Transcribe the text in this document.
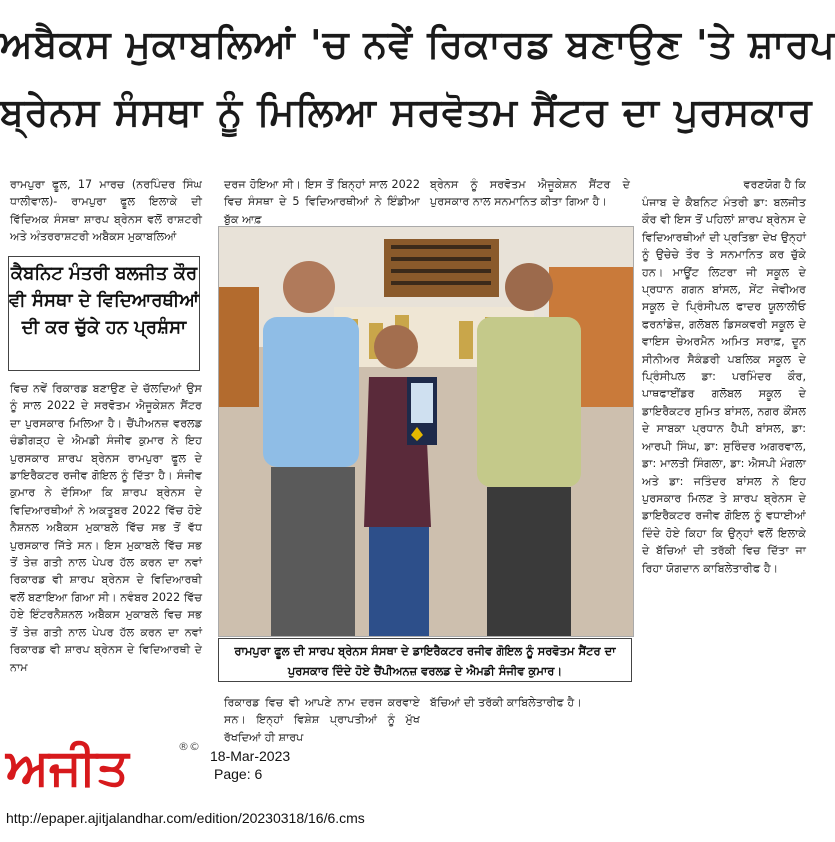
ਅਬੈਕਸ ਮੁਕਾਬਲਿਆਂ 'ਚ ਨਵੇਂ ਰਿਕਾਰਡ ਬਣਾਉਣ 'ਤੇ ਸ਼ਾਰਪ
ਬ੍ਰੇਨਸ ਸੰਸਥਾ ਨੂੰ ਮਿਲਿਆ ਸਰਵੋਤਮ ਸੈਂਟਰ ਦਾ ਪੁਰਸਕਾਰ
ਰਾਮਪੁਰਾ ਫੂਲ, 17 ਮਾਰਚ (ਨਰਪਿੰਦਰ ਸਿੰਘ ਧਾਲੀਵਾਲ)- ਰਾਮਪੁਰਾ ਫੂਲ ਇਲਾਕੇ ਦੀ ਵਿੱਦਿਅਕ ਸੰਸਥਾ ਸ਼ਾਰਪ ਬ੍ਰੇਨਸ ਵਲੋਂ ਰਾਸ਼ਟਰੀ ਅਤੇ ਅੰਤਰਰਾਸ਼ਟਰੀ ਅਬੈਕਸ ਮੁਕਾਬਲਿਆਂ
ਕੈਬਨਿਟ ਮੰਤਰੀ ਬਲਜੀਤ ਕੌਰ ਵੀ ਸੰਸਥਾ ਦੇ ਵਿਦਿਆਰਥੀਆਂ ਦੀ ਕਰ ਚੁੱਕੇ ਹਨ ਪ੍ਰਸ਼ੰਸਾ
ਵਿਚ ਨਵੇਂ ਰਿਕਾਰਡ ਬਣਾਉਣ ਦੇ ਚੱਲਦਿਆਂ ਉਸ ਨੂੰ ਸਾਲ 2022 ਦੇ ਸਰਵੋਤਮ ਐਜੂਕੇਸ਼ਨ ਸੈਂਟਰ ਦਾ ਪੁਰਸਕਾਰ ਮਿਲਿਆ ਹੈ। ਚੈਂਪੀਅਨਜ਼ ਵਰਲਡ ਚੰਡੀਗੜ੍ਹ ਦੇ ਐਮਡੀ ਸੰਜੀਵ ਕੁਮਾਰ ਨੇ ਇਹ ਪੁਰਸਕਾਰ ਸ਼ਾਰਪ ਬ੍ਰੇਨਸ ਰਾਮਪੁਰਾ ਫੂਲ ਦੇ ਡਾਇਰੈਕਟਰ ਰਜੀਵ ਗੋਇਲ ਨੂੰ ਦਿੱਤਾ ਹੈ। ਸੰਜੀਵ ਕੁਮਾਰ ਨੇ ਦੱਸਿਆ ਕਿ ਸ਼ਾਰਪ ਬ੍ਰੇਨਸ ਦੇ ਵਿਦਿਆਰਥੀਆਂ ਨੇ ਅਕਤੂਬਰ 2022 ਵਿੱਚ ਹੋਏ ਨੈਸ਼ਨਲ ਅਬੈਕਸ ਮੁਕਾਬਲੇ ਵਿੱਚ ਸਭ ਤੋਂ ਵੱਧ ਪੁਰਸਕਾਰ ਜਿੱਤੇ ਸਨ। ਇਸ ਮੁਕਾਬਲੇ ਵਿੱਚ ਸਭ ਤੋਂ ਤੇਜ਼ ਗਤੀ ਨਾਲ ਪੇਪਰ ਹੱਲ ਕਰਨ ਦਾ ਨਵਾਂ ਰਿਕਾਰਡ ਵੀ ਸ਼ਾਰਪ ਬ੍ਰੇਨਸ ਦੇ ਵਿਦਿਆਰਥੀ ਵਲੋਂ ਬਣਾਇਆ ਗਿਆ ਸੀ। ਨਵੰਬਰ 2022 ਵਿੱਚ ਹੋਏ ਇੰਟਰਨੈਸ਼ਨਲ ਅਬੈਕਸ ਮੁਕਾਬਲੇ ਵਿਚ ਸਭ ਤੋਂ ਤੇਜ਼ ਗਤੀ ਨਾਲ ਪੇਪਰ ਹੱਲ ਕਰਨ ਦਾ ਨਵਾਂ ਰਿਕਾਰਡ ਵੀ ਸ਼ਾਰਪ ਬ੍ਰੇਨਸ ਦੇ ਵਿਦਿਆਰਥੀ ਦੇ ਨਾਮ
ਦਰਜ ਹੋਇਆ ਸੀ। ਇਸ ਤੋਂ ਬਿਨ੍ਹਾਂ ਸਾਲ 2022 ਵਿਚ ਸੰਸਥਾ ਦੇ 5 ਵਿਦਿਆਰਥੀਆਂ ਨੇ ਇੰਡੀਆ ਬੁੱਕ ਆਫ਼
ਬ੍ਰੇਨਸ ਨੂੰ ਸਰਵੋਤਮ ਐਜੂਕੇਸ਼ਨ ਸੈਂਟਰ ਦੇ ਪੁਰਸਕਾਰ ਨਾਲ ਸਨਮਾਨਿਤ ਕੀਤਾ ਗਿਆ ਹੈ।	ਪੰਜਾਬ ਦੇ ਕੈਬਨਿਟ ਮੰਤਰੀ ਡਾ: ਬਲਜੀਤ ਕੌਰ ਵੀ ਇਸ ਤੋਂ ਪਹਿਲਾਂ ਸ਼ਾਰਪ ਬ੍ਰੇਨਸ ਦੇ ਵਿਦਿਆਰਥੀਆਂ ਦੀ ਪ੍ਰਤਿਭਾ ਦੇਖ ਉਨ੍ਹਾਂ ਨੂੰ ਉਚੇਚੇ ਤੌਰ ਤੇ ਸਨਮਾਨਿਤ ਕਰ ਚੁੱਕੇ ਹਨ। ਮਾਊਂਟ ਲਿਟਰਾ ਜੀ ਸਕੂਲ ਦੇ ਪ੍ਰਧਾਨ ਗਗਨ ਬਾਂਸਲ, ਸੇਂਟ ਜੇਵੀਅਰ ਸਕੂਲ ਦੇ ਪ੍ਰਿੰਸੀਪਲ ਫਾਦਰ ਯੂਲਾਲੀਓ ਫਰਨਾਂਡੇਜ਼, ਗਲੋਬਲ ਡਿਸਕਵਰੀ ਸਕੂਲ ਦੇ ਵਾਇਸ ਚੇਅਰਮੈਨ ਅਮਿਤ ਸਰਾਫ਼, ਦੂਨ ਸੀਨੀਅਰ ਸੈਕੰਡਰੀ ਪਬਲਿਕ ਸਕੂਲ ਦੇ ਪ੍ਰਿੰਸੀਪਲ ਡਾ: ਪਰਮਿੰਦਰ ਕੌਰ, ਪਾਥਫਾਈਂਡਰ ਗਲੋਬਲ ਸਕੂਲ ਦੇ ਡਾਇਰੈਕਟਰ ਸੁਮਿਤ ਬਾਂਸਲ, ਨਗਰ ਕੌਂਸਲ ਦੇ ਸਾਬਕਾ ਪ੍ਰਧਾਨ ਹੈਪੀ ਬਾਂਸਲ, ਡਾ: ਆਰਪੀ ਸਿੰਘ, ਡਾ: ਸੁਰਿੰਦਰ ਅਗਰਵਾਲ, ਡਾ: ਮਾਲਤੀ ਸਿੰਗਲਾ, ਡਾ: ਐਸਪੀ ਮੰਗਲਾ ਅਤੇ ਡਾ: ਜਤਿੰਦਰ ਬਾਂਸਲ ਨੇ ਇਹ ਪੁਰਸਕਾਰ ਮਿਲਣ ਤੇ ਸ਼ਾਰਪ ਬ੍ਰੇਨਸ ਦੇ ਡਾਇਰੈਕਟਰ ਰਜੀਵ ਗੋਇਲ ਨੂੰ ਵਧਾਈਆਂ ਦਿੰਦੇ ਹੋਏ ਕਿਹਾ ਕਿ ਉਨ੍ਹਾਂ ਵਲੋਂ ਇਲਾਕੇ ਦੇ ਬੱਚਿਆਂ ਦੀ ਤਰੱਕੀ ਵਿਚ ਦਿੱਤਾ ਜਾ ਰਿਹਾ ਯੋਗਦਾਨ ਕਾਬਿਲੇਤਾਰੀਫ ਹੈ।
ਵਰਣਯੋਗ ਹੈ ਕਿ
ਰਾਮਪੁਰਾ ਫੂਲ ਦੀ ਸਾਰਪ ਬ੍ਰੇਨਸ ਸੰਸਥਾ ਦੇ ਡਾਇਰੈਕਟਰ ਰਜੀਵ ਗੋਇਲ ਨੂੰ ਸਰਵੋਤਮ ਸੈਂਟਰ ਦਾ ਪੁਰਸਕਾਰ ਦਿੰਦੇ ਹੋਏ ਚੈਂਪੀਅਨਜ਼ ਵਰਲਡ ਦੇ ਐਮਡੀ ਸੰਜੀਵ ਕੁਮਾਰ।
ਰਿਕਾਰਡ ਵਿਚ ਵੀ ਆਪਣੇ ਨਾਮ ਦਰਜ ਕਰਵਾਏ ਸਨ। ਇਨ੍ਹਾਂ ਵਿਸ਼ੇਸ਼ ਪ੍ਰਾਪਤੀਆਂ ਨੂੰ ਮੁੱਖ ਰੱਖਦਿਆਂ ਹੀ ਸ਼ਾਰਪ
ਬੱਚਿਆਂ ਦੀ ਤਰੱਕੀ ਕਾਬਿਲੇਤਾਰੀਫ ਹੈ।
ਅਜੀਤ	®©
18-Mar-2023
Page: 6
http://epaper.ajitjalandhar.com/edition/20230318/16/6.cms
